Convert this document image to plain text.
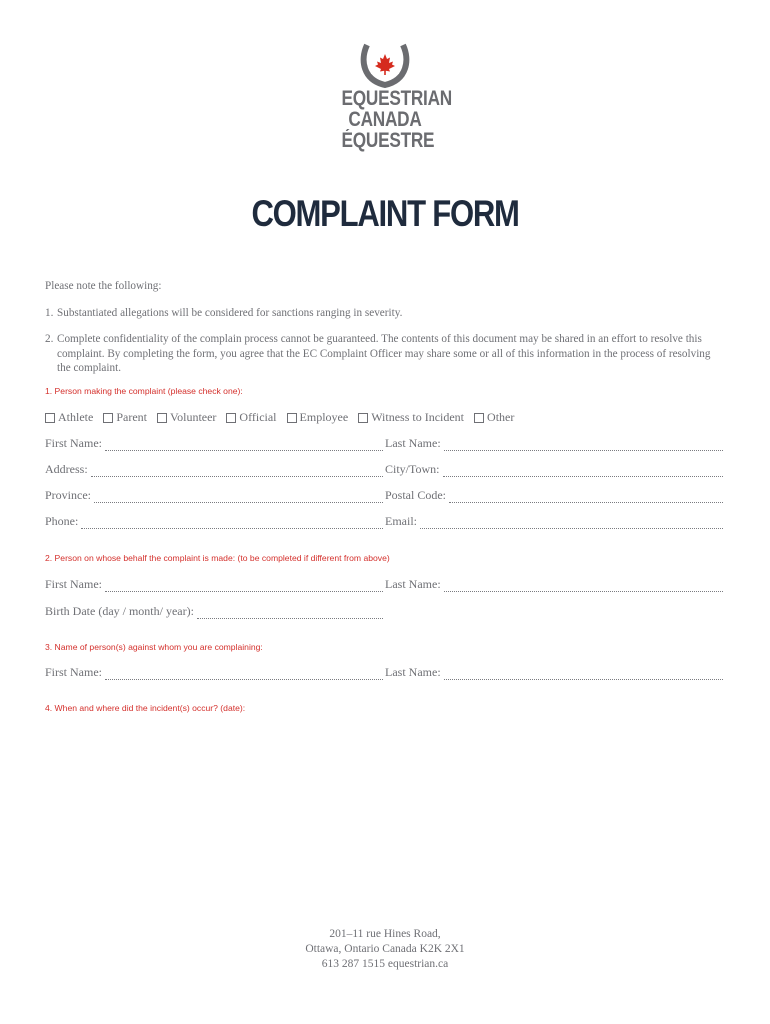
EQUESTRIAN
CANADA
ÉQUESTRE
COMPLAINT FORM
Please note the following:
1. Substantiated allegations will be considered for sanctions ranging in severity.
2. Complete confidentiality of the complain process cannot be guaranteed. The contents of this document may be shared in an effort to resolve this
complaint. By completing the form, you agree that the EC Complaint Officer may share some or all of this information in the process of resolving
the complaint.
1. Person making the complaint (please check one):
Athlete Parent Volunteer Official Employee Witness to Incident Other
First Name:	Last Name:
Address:	City/Town:
Province:	Postal Code:
Phone:	Email:
2. Person on whose behalf the complaint is made: (to be completed if different from above)
First Name:	Last Name:
Birth Date (day / month/ year):
3. Name of person(s) against whom you are complaining:
First Name:	Last Name:
4. When and where did the incident(s) occur? (date):
201–11 rue Hines Road,
Ottawa, Ontario Canada K2K 2X1
613 287 1515 equestrian.ca
